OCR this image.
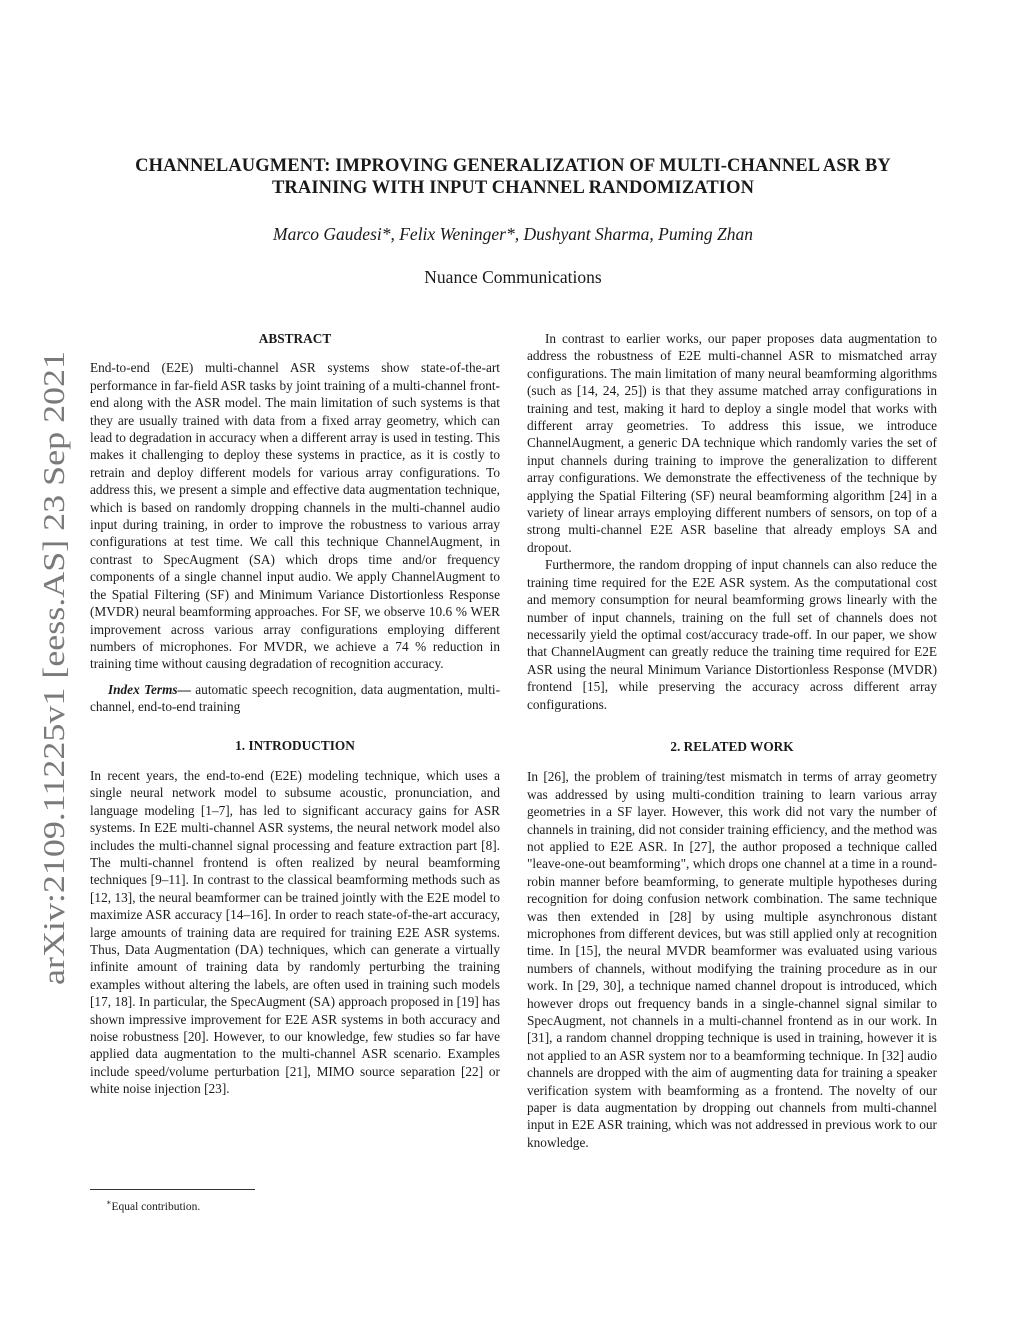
arXiv:2109.11225v1 [eess.AS] 23 Sep 2021
CHANNELAUGMENT: IMPROVING GENERALIZATION OF MULTI-CHANNEL ASR BY
TRAINING WITH INPUT CHANNEL RANDOMIZATION
Marco Gaudesi*, Felix Weninger*, Dushyant Sharma, Puming Zhan
Nuance Communications
ABSTRACT

End-to-end (E2E) multi-channel ASR systems show state-of-the-art performance in far-field ASR tasks by joint training of a multi-channel front-end along with the ASR model. The main limitation of such systems is that they are usually trained with data from a fixed array geometry, which can lead to degradation in accuracy when a different array is used in testing. This makes it challenging to deploy these systems in practice, as it is costly to retrain and deploy different models for various array configurations. To address this, we present a simple and effective data augmentation technique, which is based on randomly dropping channels in the multi-channel audio input during training, in order to improve the robustness to various array configurations at test time. We call this technique ChannelAugment, in contrast to SpecAugment (SA) which drops time and/or frequency components of a single channel input audio. We apply ChannelAugment to the Spatial Filtering (SF) and Minimum Variance Distortionless Response (MVDR) neural beamforming approaches. For SF, we observe 10.6 % WER improvement across various array configurations employing different numbers of microphones. For MVDR, we achieve a 74 % reduction in training time without causing degradation of recognition accuracy.

Index Terms— automatic speech recognition, data augmentation, multi-channel, end-to-end training

1. INTRODUCTION

In recent years, the end-to-end (E2E) modeling technique, which uses a single neural network model to subsume acoustic, pronunciation, and language modeling [1–7], has led to significant accuracy gains for ASR systems. In E2E multi-channel ASR systems, the neural network model also includes the multi-channel signal processing and feature extraction part [8]. The multi-channel frontend is often realized by neural beamforming techniques [9–11]. In contrast to the classical beamforming methods such as [12, 13], the neural beamformer can be trained jointly with the E2E model to maximize ASR accuracy [14–16]. In order to reach state-of-the-art accuracy, large amounts of training data are required for training E2E ASR systems. Thus, Data Augmentation (DA) techniques, which can generate a virtually infinite amount of training data by randomly perturbing the training examples without altering the labels, are often used in training such models [17, 18]. In particular, the SpecAugment (SA) approach proposed in [19] has shown impressive improvement for E2E ASR systems in both accuracy and noise robustness [20]. However, to our knowledge, few studies so far have applied data augmentation to the multi-channel ASR scenario. Examples include speed/volume perturbation [21], MIMO source separation [22] or white noise injection [23].

∗Equal contribution.

In contrast to earlier works, our paper proposes data augmentation to address the robustness of E2E multi-channel ASR to mismatched array configurations. The main limitation of many neural beamforming algorithms (such as [14, 24, 25]) is that they assume matched array configurations in training and test, making it hard to deploy a single model that works with different array geometries. To address this issue, we introduce ChannelAugment, a generic DA technique which randomly varies the set of input channels during training to improve the generalization to different array configurations. We demonstrate the effectiveness of the technique by applying the Spatial Filtering (SF) neural beamforming algorithm [24] in a variety of linear arrays employing different numbers of sensors, on top of a strong multi-channel E2E ASR baseline that already employs SA and dropout.

Furthermore, the random dropping of input channels can also reduce the training time required for the E2E ASR system. As the computational cost and memory consumption for neural beamforming grows linearly with the number of input channels, training on the full set of channels does not necessarily yield the optimal cost/accuracy trade-off. In our paper, we show that ChannelAugment can greatly reduce the training time required for E2E ASR using the neural Minimum Variance Distortionless Response (MVDR) frontend [15], while preserving the accuracy across different array configurations.

2. RELATED WORK

In [26], the problem of training/test mismatch in terms of array geometry was addressed by using multi-condition training to learn various array geometries in a SF layer. However, this work did not vary the number of channels in training, did not consider training efficiency, and the method was not applied to E2E ASR. In [27], the author proposed a technique called "leave-one-out beamforming", which drops one channel at a time in a round-robin manner before beamforming, to generate multiple hypotheses during recognition for doing confusion network combination. The same technique was then extended in [28] by using multiple asynchronous distant microphones from different devices, but was still applied only at recognition time. In [15], the neural MVDR beamformer was evaluated using various numbers of channels, without modifying the training procedure as in our work. In [29, 30], a technique named channel dropout is introduced, which however drops out frequency bands in a single-channel signal similar to SpecAugment, not channels in a multi-channel frontend as in our work. In [31], a random channel dropping technique is used in training, however it is not applied to an ASR system nor to a beamforming technique. In [32] audio channels are dropped with the aim of augmenting data for training a speaker verification system with beamforming as a frontend. The novelty of our paper is data augmentation by dropping out channels from multi-channel input in E2E ASR training, which was not addressed in previous work to our knowledge.
